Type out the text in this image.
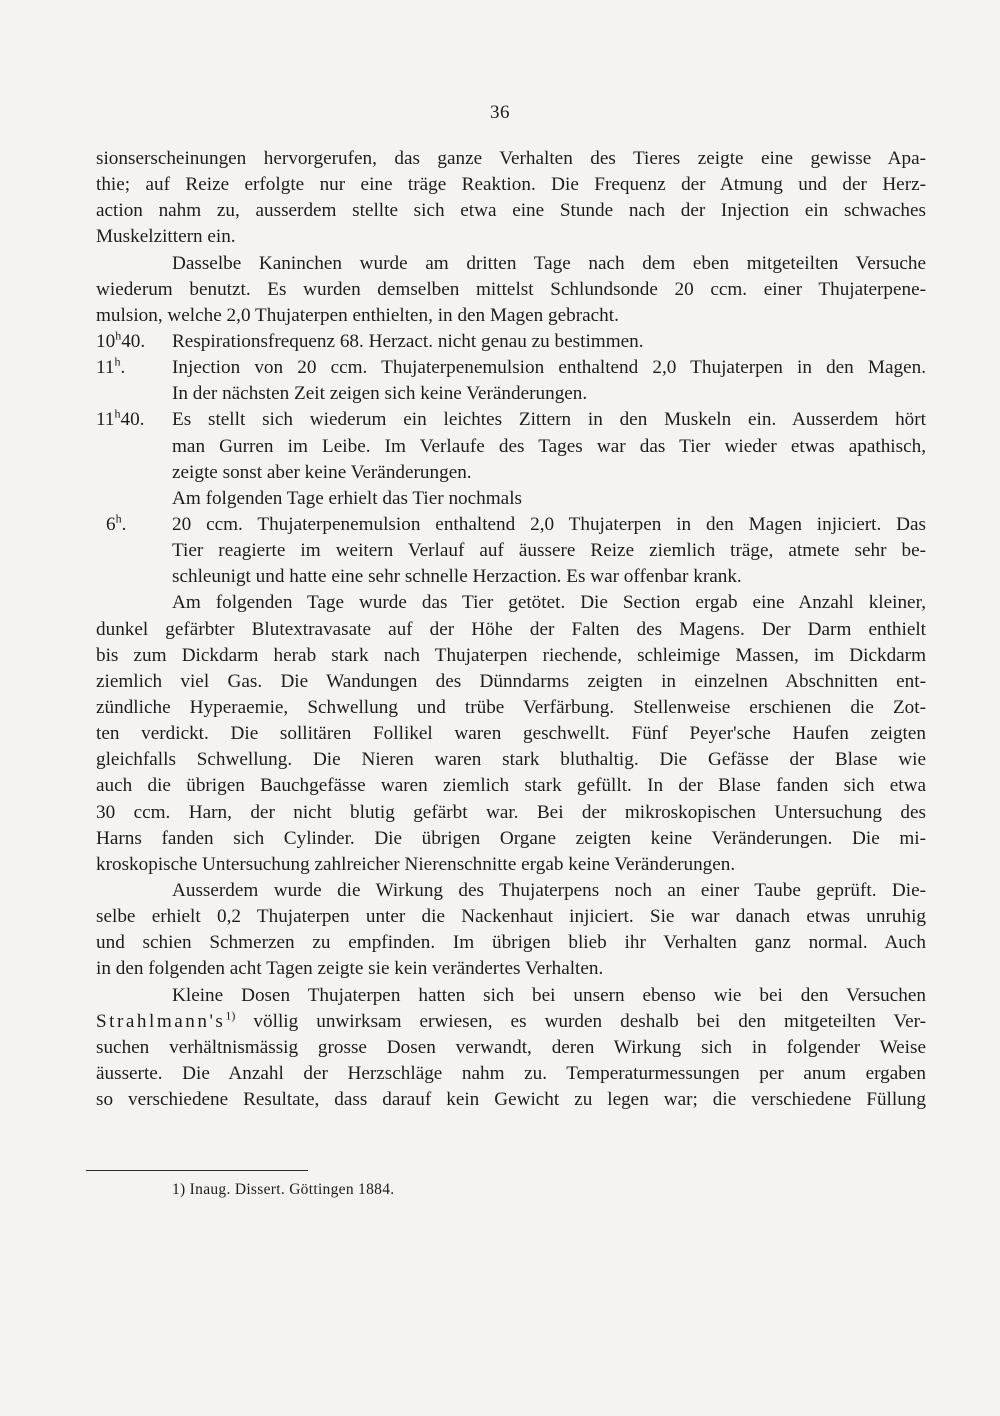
36
sionserscheinungen hervorgerufen, das ganze Verhalten des Tieres zeigte eine gewisse Apa-
thie; auf Reize erfolgte nur eine träge Reaktion. Die Frequenz der Atmung und der Herz-
action nahm zu, ausserdem stellte sich etwa eine Stunde nach der Injection ein schwaches
Muskelzittern ein.
Dasselbe Kaninchen wurde am dritten Tage nach dem eben mitgeteilten Versuche
wiederum benutzt. Es wurden demselben mittelst Schlundsonde 20 ccm. einer Thujaterpene-
mulsion, welche 2,0 Thujaterpen enthielten, in den Magen gebracht.
10$^h$40. Respirationsfrequenz 68. Herzact. nicht genau zu bestimmen.
11$^h$. Injection von 20 ccm. Thujaterpenemulsion enthaltend 2,0 Thujaterpen in den Magen.
In der nächsten Zeit zeigen sich keine Veränderungen.
11$^h$40. Es stellt sich wiederum ein leichtes Zittern in den Muskeln ein. Ausserdem hört
man Gurren im Leibe. Im Verlaufe des Tages war das Tier wieder etwas apathisch,
zeigte sonst aber keine Veränderungen.
Am folgenden Tage erhielt das Tier nochmals
6$^h$. 20 ccm. Thujaterpenemulsion enthaltend 2,0 Thujaterpen in den Magen injiciert. Das
Tier reagierte im weitern Verlauf auf äussere Reize ziemlich träge, atmete sehr be-
schleunigt und hatte eine sehr schnelle Herzaction. Es war offenbar krank.
Am folgenden Tage wurde das Tier getötet. Die Section ergab eine Anzahl kleiner,
dunkel gefärbter Blutextravasate auf der Höhe der Falten des Magens. Der Darm enthielt
bis zum Dickdarm herab stark nach Thujaterpen riechende, schleimige Massen, im Dickdarm
ziemlich viel Gas. Die Wandungen des Dünndarms zeigten in einzelnen Abschnitten ent-
zündliche Hyperaemie, Schwellung und trübe Verfärbung. Stellenweise erschienen die Zot-
ten verdickt. Die sollitären Follikel waren geschwellt. Fünf Peyer'sche Haufen zeigten
gleichfalls Schwellung. Die Nieren waren stark bluthaltig. Die Gefässe der Blase wie
auch die übrigen Bauchgefässe waren ziemlich stark gefüllt. In der Blase fanden sich etwa
30 ccm. Harn, der nicht blutig gefärbt war. Bei der mikroskopischen Untersuchung des
Harns fanden sich Cylinder. Die übrigen Organe zeigten keine Veränderungen. Die mi-
kroskopische Untersuchung zahlreicher Nierenschnitte ergab keine Veränderungen.
Ausserdem wurde die Wirkung des Thujaterpens noch an einer Taube geprüft. Die-
selbe erhielt 0,2 Thujaterpen unter die Nackenhaut injiciert. Sie war danach etwas unruhig
und schien Schmerzen zu empfinden. Im übrigen blieb ihr Verhalten ganz normal. Auch
in den folgenden acht Tagen zeigte sie kein verändertes Verhalten.
Kleine Dosen Thujaterpen hatten sich bei unsern ebenso wie bei den Versuchen
$Strahlmann's^{1)}$ völlig unwirksam erwiesen, es wurden deshalb bei den mitgeteilten Ver-
suchen verhältnismässig grosse Dosen verwandt, deren Wirkung sich in folgender Weise
äusserte. Die Anzahl der Herzschläge nahm zu. Temperaturmessungen per anum ergaben
so verschiedene Resultate, dass darauf kein Gewicht zu legen war; die verschiedene Füllung
1) Inaug. Dissert. Göttingen 1884.
